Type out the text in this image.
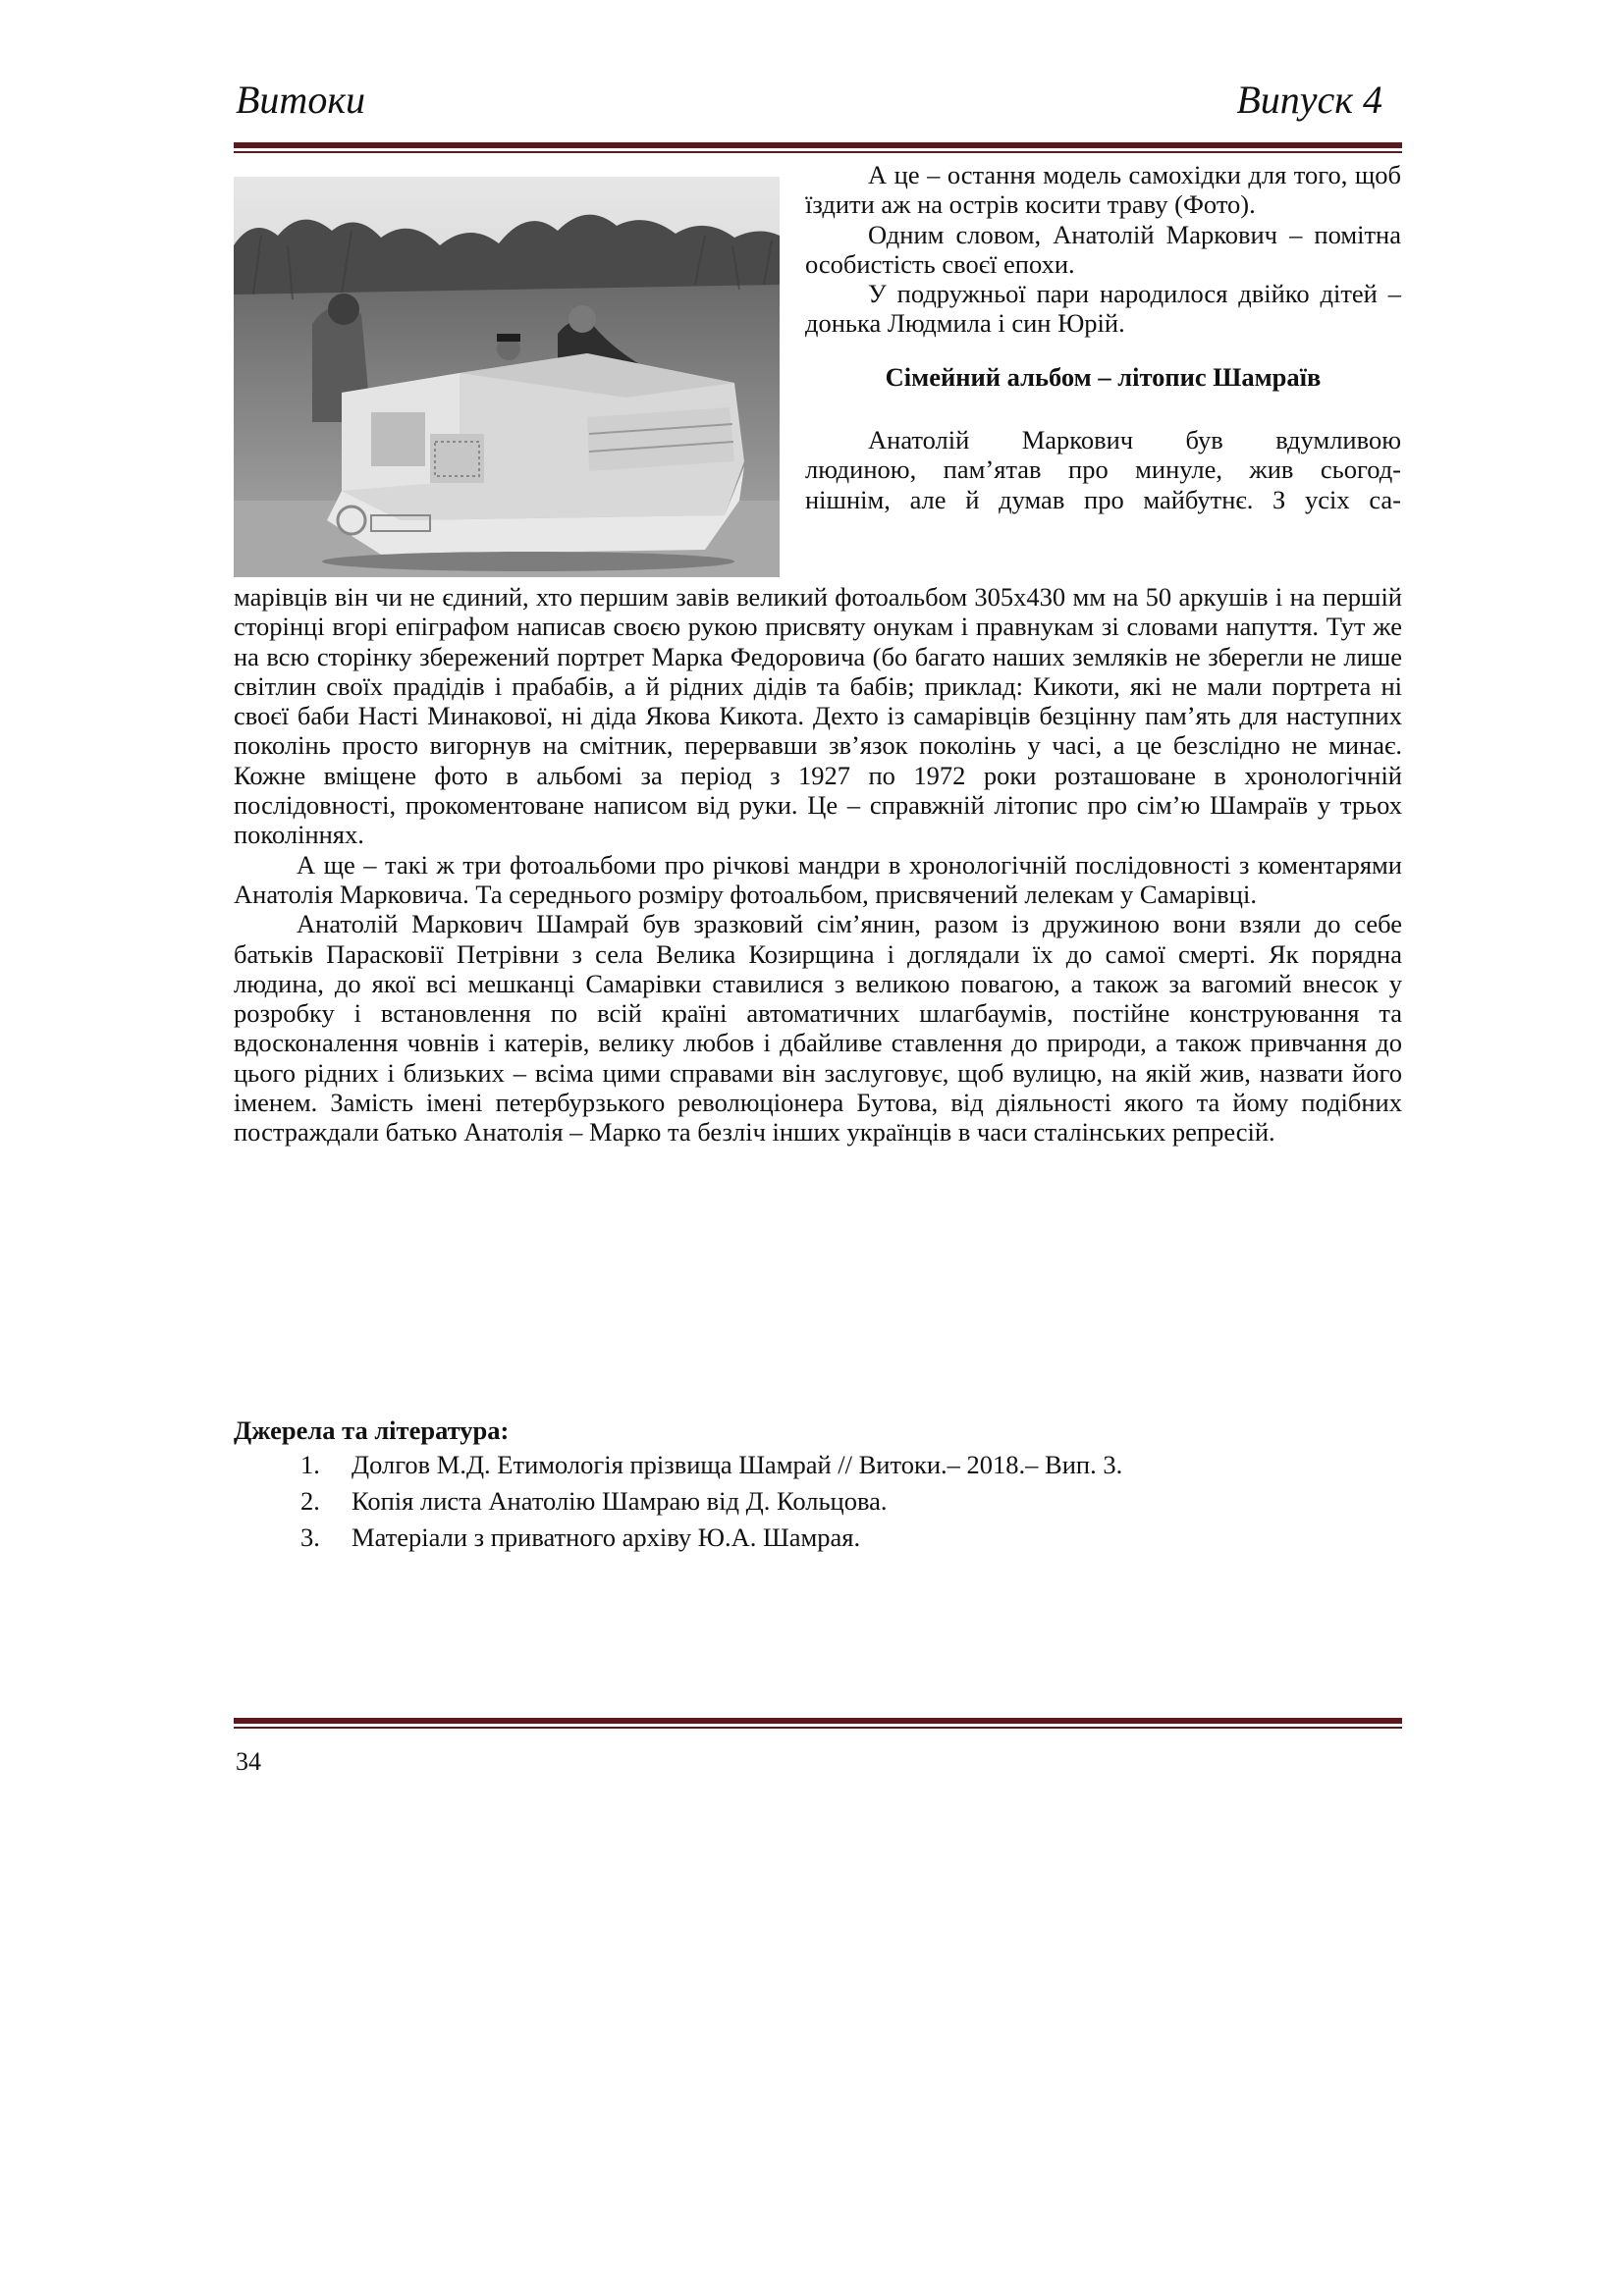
Витоки	Випуск 4

А це – остання модель самохідки для того, щоб їздити аж на острів косити траву (Фото).

Одним словом, Анатолій Маркович – помітна особистість своєї епохи.

У подружньої пари народилося двійко дітей – донька Людмила і син Юрій.

Сімейний альбом – літопис Шамраїв

Анатолій Маркович був вдумливою

людиною, пам’ятав про минуле, жив сьогод-

нішнім, але й думав про майбутнє. З усіх са-

марівців він чи не єдиний, хто першим завів великий фотоальбом 305х430 мм на 50 аркушів і на першій сторінці вгорі епіграфом написав своєю рукою присвяту онукам і правнукам зі словами напуття. Тут же на всю сторінку збережений портрет Марка Федоровича (бо багато наших земляків не зберегли не лише світлин своїх прадідів і прабабів, а й рідних дідів та бабів; приклад: Кикоти, які не мали портрета ні своєї баби Насті Минакової, ні діда Якова Кикота. Дехто із самарівців безцінну пам’ять для наступних поколінь просто вигорнув на смітник, перервавши зв’язок поколінь у часі, а це безслідно не минає. Кожне вміщене фото в альбомі за період з 1927 по 1972 роки розташоване в хронологічній послідовності, прокоментоване написом від руки. Це – справжній літопис про сім’ю Шамраїв у трьох поколіннях.

А ще – такі ж три фотоальбоми про річкові мандри в хронологічній послідовності з коментарями Анатолія Марковича. Та середнього розміру фотоальбом, присвячений лелекам у Самарівці.

Анатолій Маркович Шамрай був зразковий сім’янин, разом із дружиною вони взяли до себе батьків Парасковії Петрівни з села Велика Козирщина і доглядали їх до самої смерті. Як порядна людина, до якої всі мешканці Самарівки ставилися з великою повагою, а також за вагомий внесок у розробку і встановлення по всій країні автоматичних шлагбаумів, постійне конструювання та вдосконалення човнів і катерів, велику любов і дбайливе ставлення до природи, а також привчання до цього рідних і близьких – всіма цими справами він заслуговує, щоб вулицю, на якій жив, назвати його іменем. Замість імені петербурзького революціонера Бутова, від діяльності якого та йому подібних постраждали батько Анатолія – Марко та безліч інших українців в часи сталінських репресій.

Джерела та література:
1.	Долгов М.Д. Етимологія прізвища Шамрай // Витоки.– 2018.– Вип. 3.
2.	Копія листа Анатолію Шамраю від Д. Кольцова.
3.	Матеріали з приватного архіву Ю.А. Шамрая.
34
